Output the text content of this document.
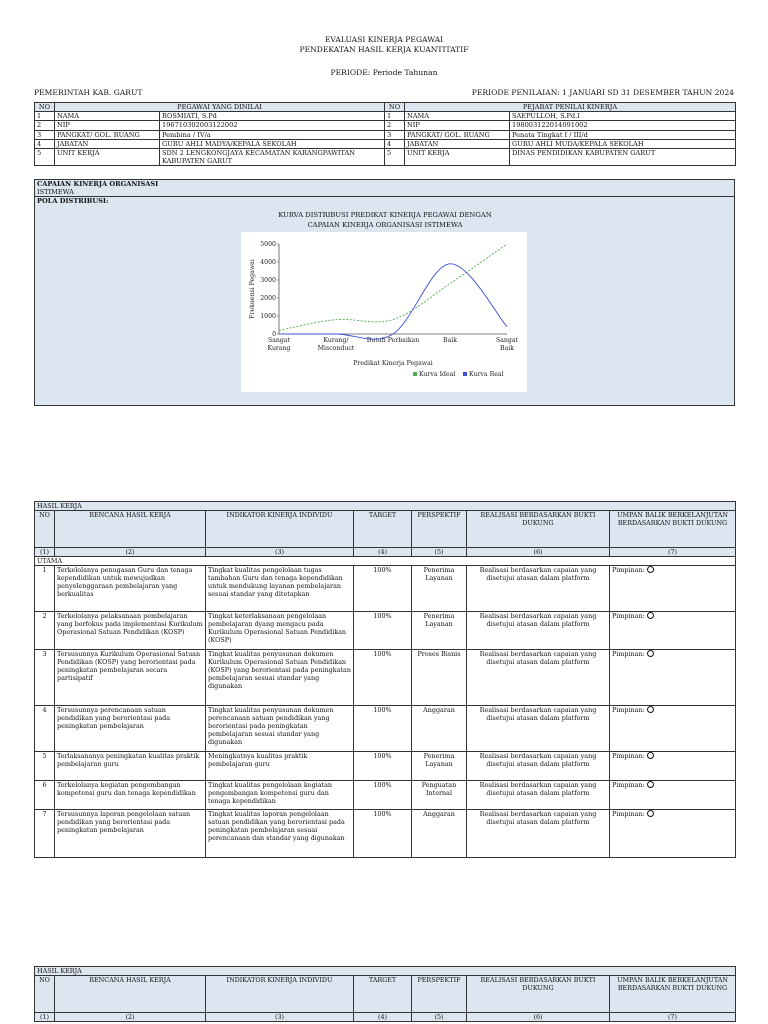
EVALUASI KINERJA PEGAWAI
PENDEKATAN HASIL KERJA KUANTITATIF
PERIODE: Periode Tahunan
PEMERINTAH KAB. GARUT	PERIODE PENILAIAN: 1 JANUARI SD 31 DESEMBER TAHUN 2024
NO	PEGAWAI YANG DINILAI		NO	PEJABAT PENILAI KINERJA	
1	NAMA	ROSMIATI, S.Pd	1	NAMA	SAEPULLOH, S.Pd.I
2	NIP	196710302003122002	2	NIP	198003122014091002
3	PANGKAT/ GOL. RUANG	Pembina / IV/a	3	PANGKAT/ GOL. RUANG	Penata Tingkat I / III/d
4	JABATAN	GURU AHLI MADYA/KEPALA SEKOLAH	4	JABATAN	GURU AHLI MUDA/KEPALA SEKOLAH
5	UNIT KERJA	SDN 2 LENGKONGJAYA KECAMATAN KARANGPAWITAN KABUPATEN GARUT	5	UNIT KERJA	DINAS PENDIDIKAN KABUPATEN GARUT
CAPAIAN KINERJA ORGANISASI
ISTIMEWA
POLA DISTRIBUSI:
KURVA DISTRIBUSI PREDIKAT KINERJA PEGAWAI DENGAN
CAPAIAN KINERJA ORGANISASI ISTIMEWA
0
1000
2000
3000
4000
5000
Sangat Kurang
Kurang/ Misconduct
Butuh Perbaikan	Baik	Sangat Baik
Frekuensi Pegawai
Predikat Kinerja Pegawai
Kurva Ideal Kurva Real
HASIL KERJA						
NO	RENCANA HASIL KERJA	INDIKATOR KINERJA INDIVIDU	TARGET	PERSPEKTIF	REALISASI BERDASARKAN BUKTI DUKUNG	UMPAN BALIK BERKELANJUTAN BERDASARKAN BUKTI DUKUNG
(1)	(2)	(3)	(4)	(5)	(6)	(7)
UTAMA						
1	Terkelolanya penugasan Guru dan tenaga kependidikan untuk mewujudkan penyelenggaraan pembelajaran yang berkualitas	Tingkat kualitas pengelolaan tugas tambahan Guru dan tenaga kependidikan untuk mendukung layanan pembelajaran sesuai standar yang ditetapkan	100%	Penerima Layanan	Realisasi berdasarkan capaian yang disetujui atasan dalam platform	Pimpinan:
2	Terkelolanya pelaksanaan pembelajaran yang berfokus pada implementasi Kurikulum Operasional Satuan Pendidikan (KOSP)	Tingkat keterlaksanaan pengelolaan pembelajaran dyang mengacu pada Kurikulum Operasional Satuan Pendidikan (KOSP)	100%	Penerima Layanan	Realisasi berdasarkan capaian yang disetujui atasan dalam platform	Pimpinan:
3	Tersusunnya Kurikulum Operasional Satuan Pendidikan (KOSP) yang berorientasi pada peningkatan pembelajaran secara partisipatif	Tingkat kualitas penyusunan dokumen Kurikulum Operasional Satuan Pendidikan (KOSP) yang berorientasi pada peningkatan pembelajaran sesuai standar yang digunakan	100%	Proses Bisnis	Realisasi berdasarkan capaian yang disetujui atasan dalam platform	Pimpinan:
4	Tersusunnya perencanaan satuan pendidikan yang berorientasi pada peningkatan pembelajaran	Tingkat kualitas penyusunan dokumen perencanaan satuan pendidikan yang berorientasi pada peningkatan pembelajaran sesuai standar yang digunakan	100%	Anggaran	Realisasi berdasarkan capaian yang disetujui atasan dalam platform	Pimpinan:
5	Terlaksananya peningkatan kualitas praktik pembelajaran guru	Meningkatnya kualitas praktik pembelajaran guru	100%	Penerima Layanan	Realisasi berdasarkan capaian yang disetujui atasan dalam platform	Pimpinan:
6	Terkelolanya kegiatan pengembangan kompetensi guru dan tenaga kependidikan	Tingkat kualitas pengelolaan kegiatan pengembangan kompetensi guru dan tenaga kependidikan	100%	Penguatan Internal	Realisasi berdasarkan capaian yang disetujui atasan dalam platform	Pimpinan:
7	Tersusunnya laporan pengelolaan satuan pendidikan yang berorientasi pada peningkatan pembelajaran	Tingkat kualitas laporan pengelolaan satuan pendidikan yang berorientasi pada peningkatan pembelajaran sesuai perencanaan dan standar yang digunakan	100%	Anggaran	Realisasi berdasarkan capaian yang disetujui atasan dalam platform	Pimpinan:
HASIL KERJA						
NO	RENCANA HASIL KERJA	INDIKATOR KINERJA INDIVIDU	TARGET	PERSPEKTIF	REALISASI BERDASARKAN BUKTI DUKUNG	UMPAN BALIK BERKELANJUTAN BERDASARKAN BUKTI DUKUNG
(1)	(2)	(3)	(4)	(5)	(6)	(7)
